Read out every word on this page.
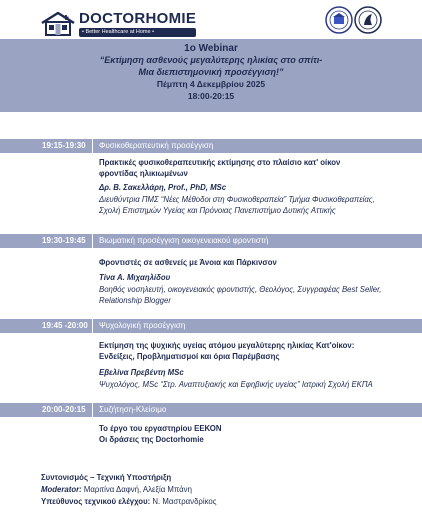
DOCTORHOMIE
• Better Healthcare at Home •
1o Webinar
“Εκτίμηση ασθενούς μεγαλύτερης ηλικίας στο σπίτι-
Μια διεπιστημονική προσέγγιση!”
Πέμπτη 4 Δεκεμβρίου 2025
18:00-20:15
19:15-19:30 Φυσικοθεραπευτική προσέγγιση
Πρακτικές φυσικοθεραπευτικής εκτίμησης στο πλαίσιο κατ' οίκον
φροντίδας ηλικιωμένων
Δρ. Β. Σακελλάρη, Prof., PhD, MSc
Διευθύντρια ΠΜΣ “Νέες Μέθοδοι στη Φυσικοθεραπεία” Τμήμα Φυσικοθεραπείας,
Σχολή Επιστημών Υγείας και Πρόνοιας Πανεπιστήμιο Δυτικής Αττικής
19:30-19:45 Βιωματική προσέγγιση οικογενειακού φροντιστή
Φροντιστές σε ασθενείς με Άνοια και Πάρκινσον
Τίνα Α. Μιχαηλίδου
Βοηθός νοσηλευτή, οικογενειακός φροντιστής, Θεολόγος, Συγγραφέας Best Seller,
Relationship Blogger
19:45 -20:00 Ψυχολογική προσέγγιση
Εκτίμηση της ψυχικής υγείας ατόμου μεγαλύτερης ηλικίας Κατ'οίκον:
Ενδείξεις, Προβληματισμοί και όρια Παρέμβασης
Εβελίνα Πρεβέντη MSc
Ψυχολόγος, MSc “Στρ. Αναπτυξιακής και Εφηβικής υγείας” Ιατρική Σχολή ΕΚΠΑ
20:00-20:15 Συζήτηση-Κλείσιμο
Το έργο του εργαστηρίου ΕΕΚΟΝ
Οι δράσεις της Doctorhomie
Συντονισμός – Τεχνική Υποστήριξη
Moderator: Μαριτίνα Δαφνή, Αλεξία Μπάνη
Υπεύθυνος τεχνικού ελέγχου: Ν. Μαστρανδρίκος
